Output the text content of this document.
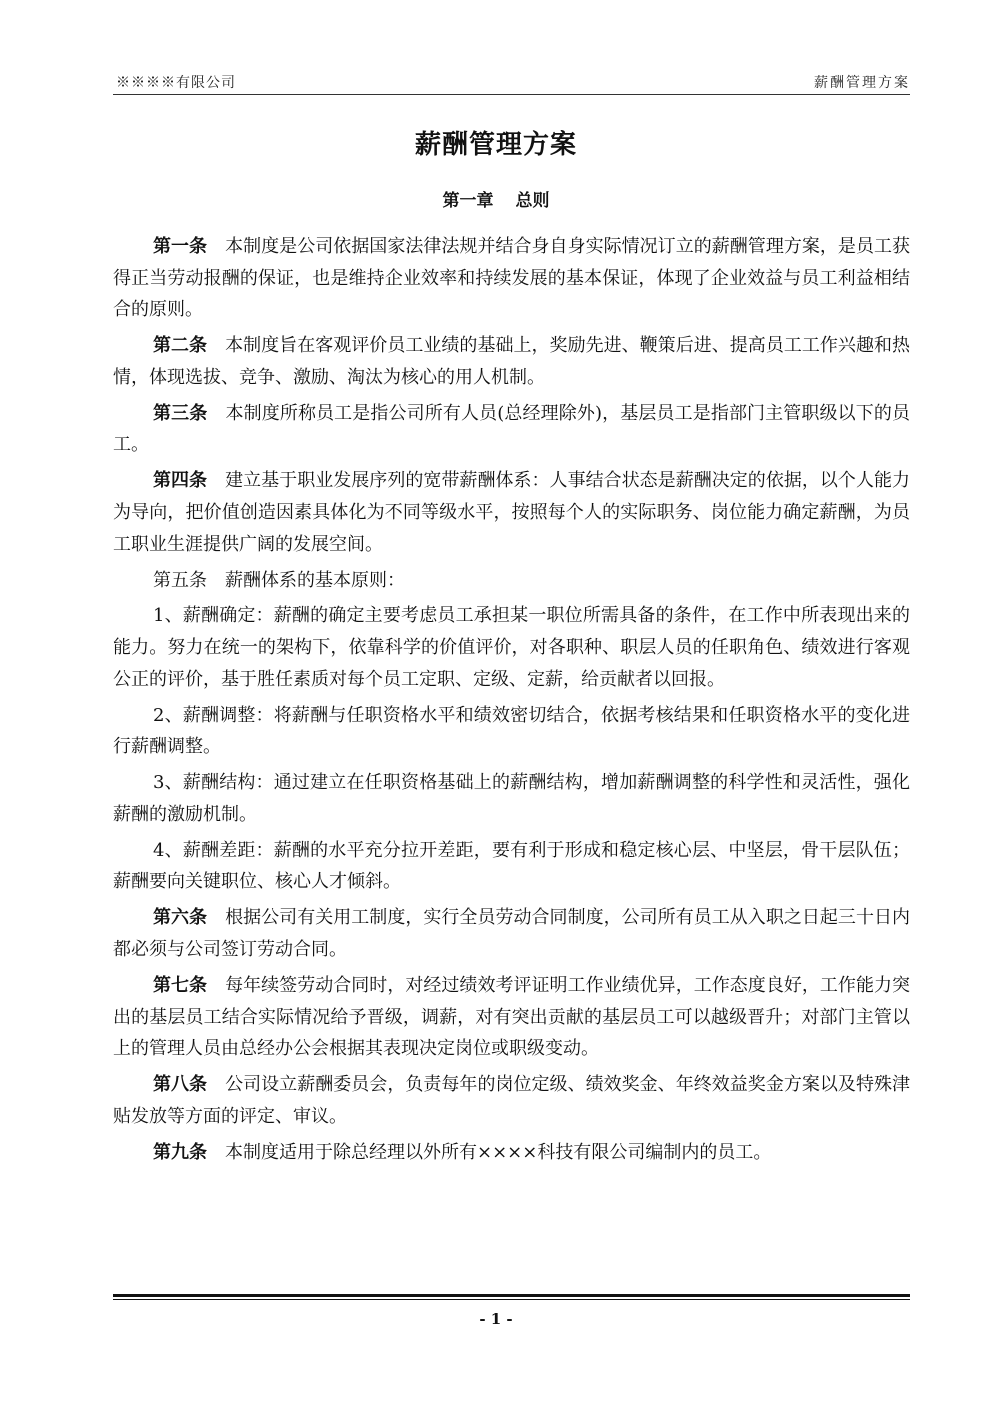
※※※※有限公司	薪酬管理方案
薪酬管理方案
第一章 总则

第一条 本制度是公司依据国家法律法规并结合身自身实际情况订立的薪酬管理方案，是员工获得正当劳动报酬的保证，也是维持企业效率和持续发展的基本保证，体现了企业效益与员工利益相结合的原则。

第二条 本制度旨在客观评价员工业绩的基础上，奖励先进、鞭策后进、提高员工工作兴趣和热情，体现选拔、竞争、激励、淘汰为核心的用人机制。

第三条 本制度所称员工是指公司所有人员(总经理除外)，基层员工是指部门主管职级以下的员工。

第四条 建立基于职业发展序列的宽带薪酬体系：人事结合状态是薪酬决定的依据，以个人能力为导向，把价值创造因素具体化为不同等级水平，按照每个人的实际职务、岗位能力确定薪酬，为员工职业生涯提供广阔的发展空间。

第五条 薪酬体系的基本原则：

1、薪酬确定：薪酬的确定主要考虑员工承担某一职位所需具备的条件，在工作中所表现出来的能力。努力在统一的架构下，依靠科学的价值评价，对各职种、职层人员的任职角色、绩效进行客观公正的评价，基于胜任素质对每个员工定职、定级、定薪，给贡献者以回报。

2、薪酬调整：将薪酬与任职资格水平和绩效密切结合，依据考核结果和任职资格水平的变化进行薪酬调整。

3、薪酬结构：通过建立在任职资格基础上的薪酬结构，增加薪酬调整的科学性和灵活性，强化薪酬的激励机制。

4、薪酬差距：薪酬的水平充分拉开差距，要有利于形成和稳定核心层、中坚层，骨干层队伍；薪酬要向关键职位、核心人才倾斜。

第六条 根据公司有关用工制度，实行全员劳动合同制度，公司所有员工从入职之日起三十日内都必须与公司签订劳动合同。

第七条 每年续签劳动合同时，对经过绩效考评证明工作业绩优异，工作态度良好，工作能力突出的基层员工结合实际情况给予晋级，调薪，对有突出贡献的基层员工可以越级晋升；对部门主管以上的管理人员由总经办公会根据其表现决定岗位或职级变动。

第八条 公司设立薪酬委员会，负责每年的岗位定级、绩效奖金、年终效益奖金方案以及特殊津贴发放等方面的评定、审议。

第九条 本制度适用于除总经理以外所有××××科技有限公司编制内的员工。

- 1 -
